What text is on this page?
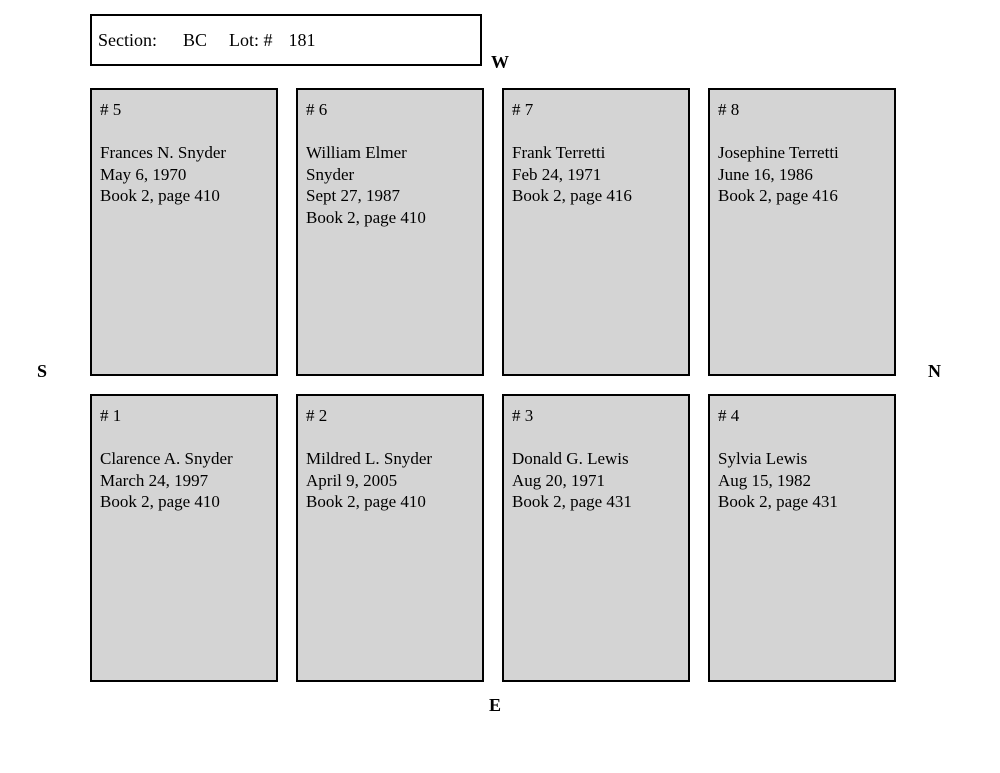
Section: BC Lot: # 181
W
S	N
E
# 5
Frances N. Snyder
May 6, 1970
Book 2, page 410
# 6
William Elmer
Snyder
Sept 27, 1987
Book 2, page 410
# 7
Frank Terretti
Feb 24, 1971
Book 2, page 416
# 8
Josephine Terretti
June 16, 1986
Book 2, page 416
# 1
Clarence A. Snyder
March 24, 1997
Book 2, page 410
# 2
Mildred L. Snyder
April 9, 2005
Book 2, page 410
# 3
Donald G. Lewis
Aug 20, 1971
Book 2, page 431
# 4
Sylvia Lewis
Aug 15, 1982
Book 2, page 431
